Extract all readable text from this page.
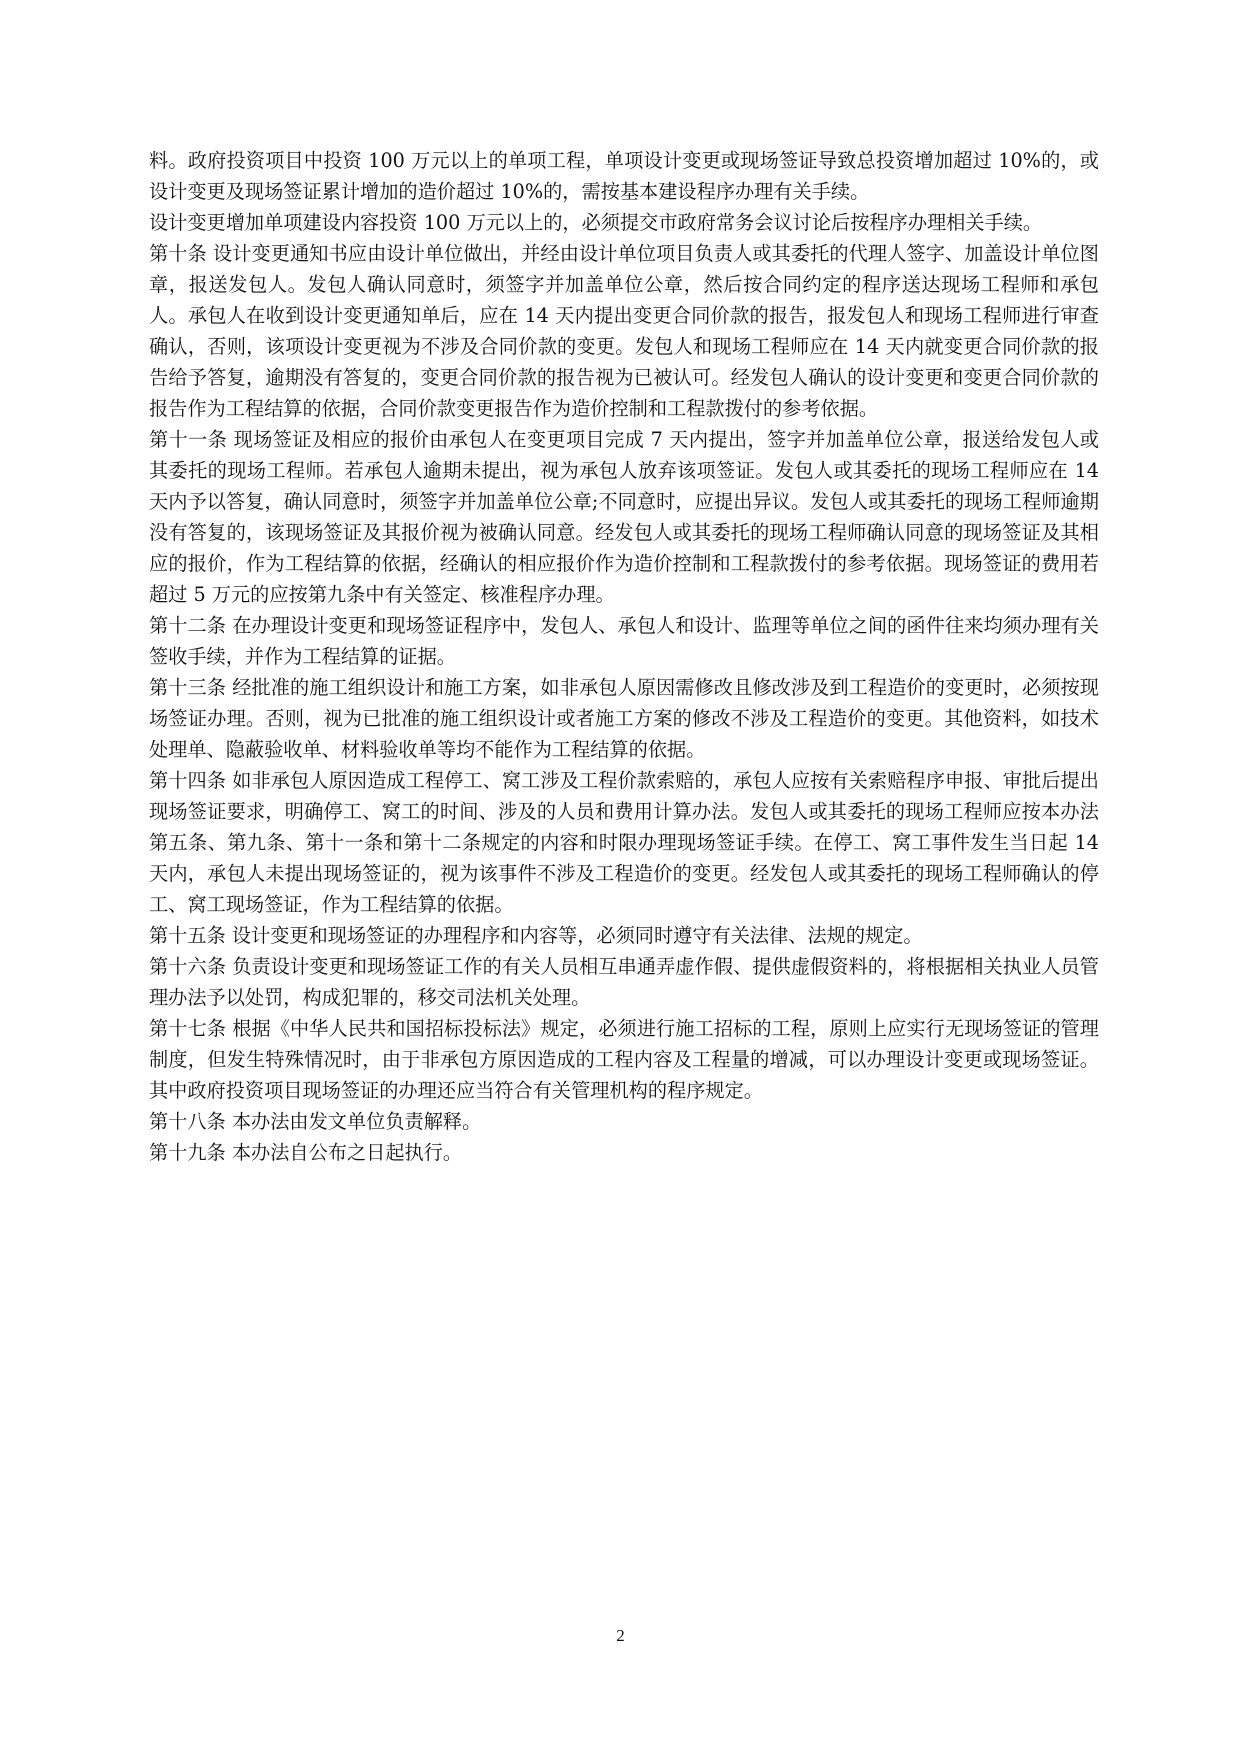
料。政府投资项目中投资 100 万元以上的单项工程，单项设计变更或现场签证导致总投资增加超过 10%的，或设计变更及现场签证累计增加的造价超过 10%的，需按基本建设程序办理有关手续。

设计变更增加单项建设内容投资 100 万元以上的，必须提交市政府常务会议讨论后按程序办理相关手续。

第十条 设计变更通知书应由设计单位做出，并经由设计单位项目负责人或其委托的代理人签字、加盖设计单位图章，报送发包人。发包人确认同意时，须签字并加盖单位公章，然后按合同约定的程序送达现场工程师和承包人。承包人在收到设计变更通知单后，应在 14 天内提出变更合同价款的报告，报发包人和现场工程师进行审查确认，否则，该项设计变更视为不涉及合同价款的变更。发包人和现场工程师应在 14 天内就变更合同价款的报告给予答复，逾期没有答复的，变更合同价款的报告视为已被认可。经发包人确认的设计变更和变更合同价款的报告作为工程结算的依据，合同价款变更报告作为造价控制和工程款拨付的参考依据。

第十一条 现场签证及相应的报价由承包人在变更项目完成 7 天内提出，签字并加盖单位公章，报送给发包人或其委托的现场工程师。若承包人逾期未提出，视为承包人放弃该项签证。发包人或其委托的现场工程师应在 14 天内予以答复，确认同意时，须签字并加盖单位公章;不同意时，应提出异议。发包人或其委托的现场工程师逾期没有答复的，该现场签证及其报价视为被确认同意。经发包人或其委托的现场工程师确认同意的现场签证及其相应的报价，作为工程结算的依据，经确认的相应报价作为造价控制和工程款拨付的参考依据。现场签证的费用若超过 5 万元的应按第九条中有关签定、核准程序办理。

第十二条 在办理设计变更和现场签证程序中，发包人、承包人和设计、监理等单位之间的函件往来均须办理有关签收手续，并作为工程结算的证据。

第十三条 经批准的施工组织设计和施工方案，如非承包人原因需修改且修改涉及到工程造价的变更时，必须按现场签证办理。否则，视为已批准的施工组织设计或者施工方案的修改不涉及工程造价的变更。其他资料，如技术处理单、隐蔽验收单、材料验收单等均不能作为工程结算的依据。

第十四条 如非承包人原因造成工程停工、窝工涉及工程价款索赔的，承包人应按有关索赔程序申报、审批后提出现场签证要求，明确停工、窝工的时间、涉及的人员和费用计算办法。发包人或其委托的现场工程师应按本办法第五条、第九条、第十一条和第十二条规定的内容和时限办理现场签证手续。在停工、窝工事件发生当日起 14 天内，承包人未提出现场签证的，视为该事件不涉及工程造价的变更。经发包人或其委托的现场工程师确认的停工、窝工现场签证，作为工程结算的依据。

第十五条 设计变更和现场签证的办理程序和内容等，必须同时遵守有关法律、法规的规定。

第十六条 负责设计变更和现场签证工作的有关人员相互串通弄虚作假、提供虚假资料的，将根据相关执业人员管理办法予以处罚，构成犯罪的，移交司法机关处理。

第十七条 根据《中华人民共和国招标投标法》规定，必须进行施工招标的工程，原则上应实行无现场签证的管理制度，但发生特殊情况时，由于非承包方原因造成的工程内容及工程量的增减，可以办理设计变更或现场签证。其中政府投资项目现场签证的办理还应当符合有关管理机构的程序规定。

第十八条 本办法由发文单位负责解释。

第十九条 本办法自公布之日起执行。

2
